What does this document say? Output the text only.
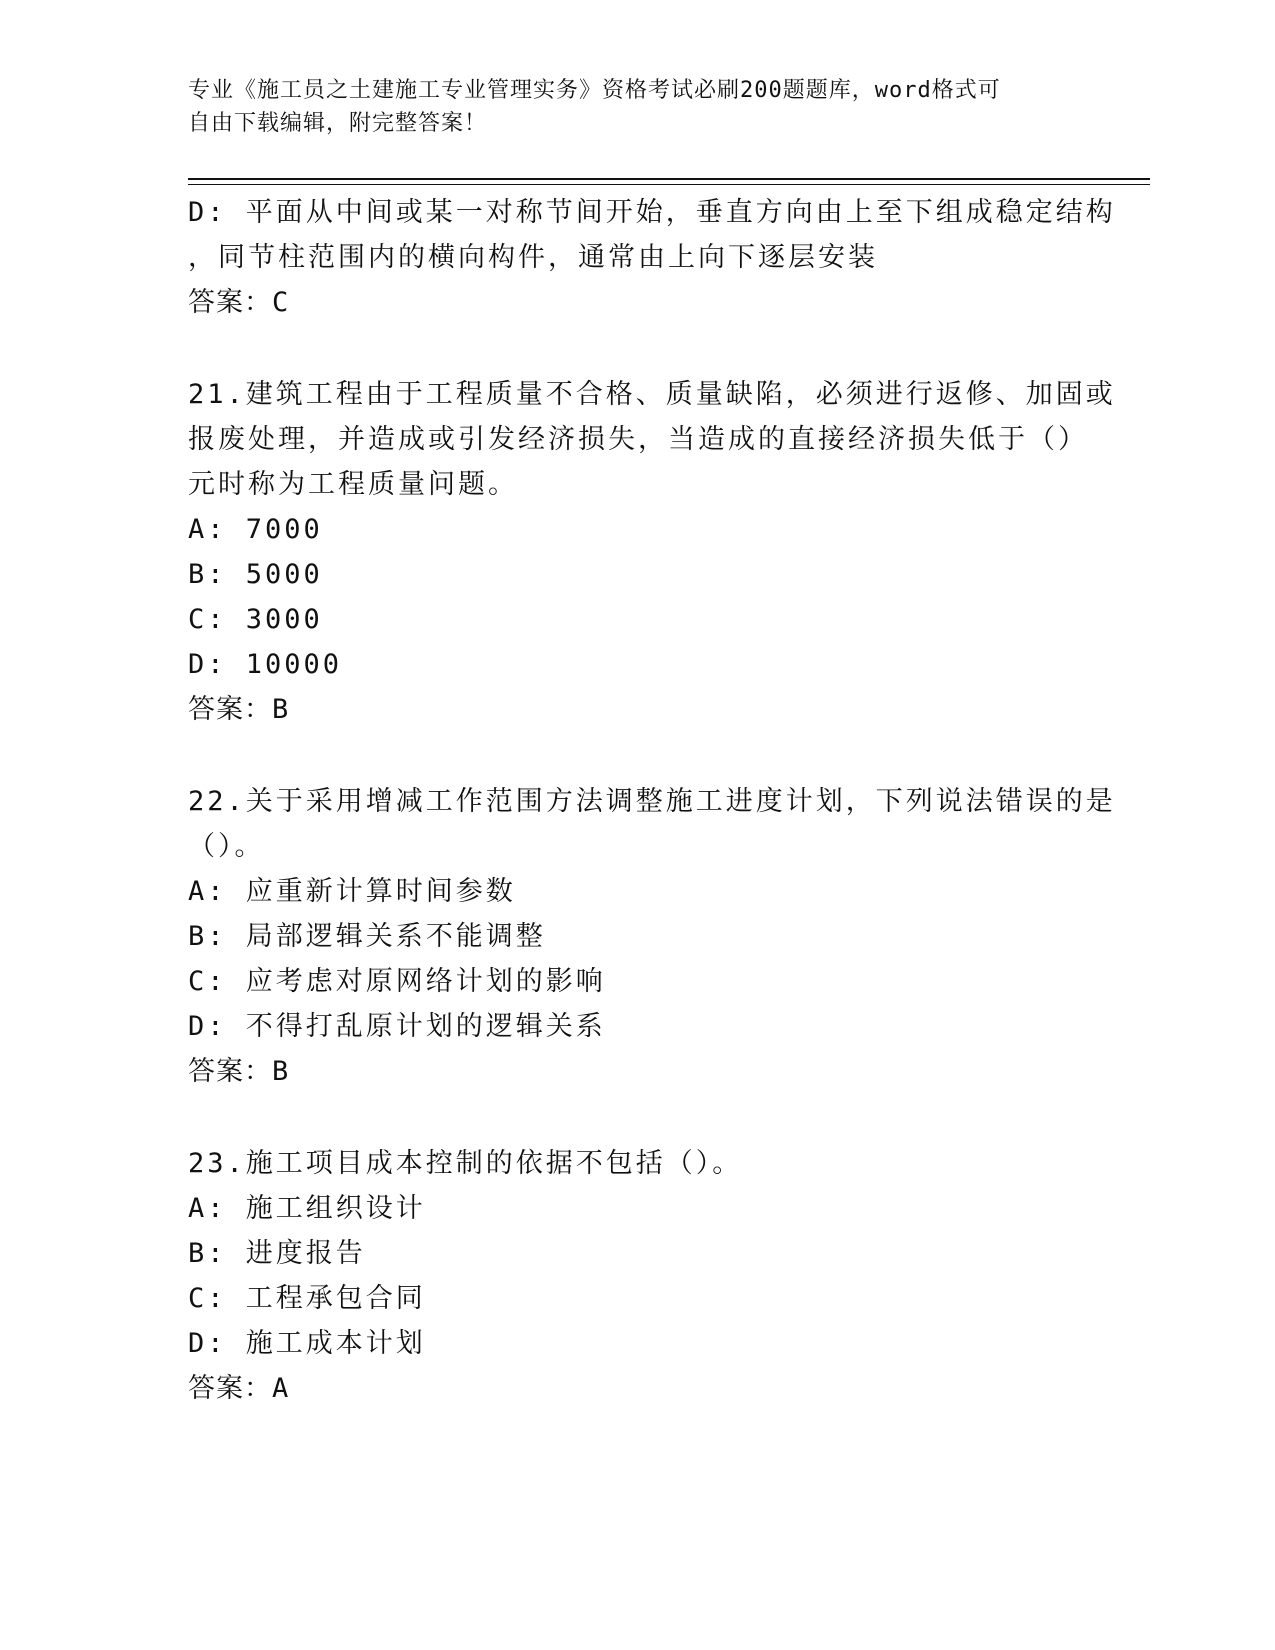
专业《施工员之土建施工专业管理实务》资格考试必刷200题题库，word格式可
自由下载编辑，附完整答案！
D: 平面从中间或某一对称节间开始，垂直方向由上至下组成稳定结构
，同节柱范围内的横向构件，通常由上向下逐层安装
答案：C
21.建筑工程由于工程质量不合格、质量缺陷，必须进行返修、加固或
报废处理，并造成或引发经济损失，当造成的直接经济损失低于（）
元时称为工程质量问题。
A: 7000
B: 5000
C: 3000
D: 10000
答案：B
22.关于采用增减工作范围方法调整施工进度计划，下列说法错误的是
（）。
A: 应重新计算时间参数
B: 局部逻辑关系不能调整
C: 应考虑对原网络计划的影响
D: 不得打乱原计划的逻辑关系
答案：B
23.施工项目成本控制的依据不包括（）。
A: 施工组织设计
B: 进度报告
C: 工程承包合同
D: 施工成本计划
答案：A
